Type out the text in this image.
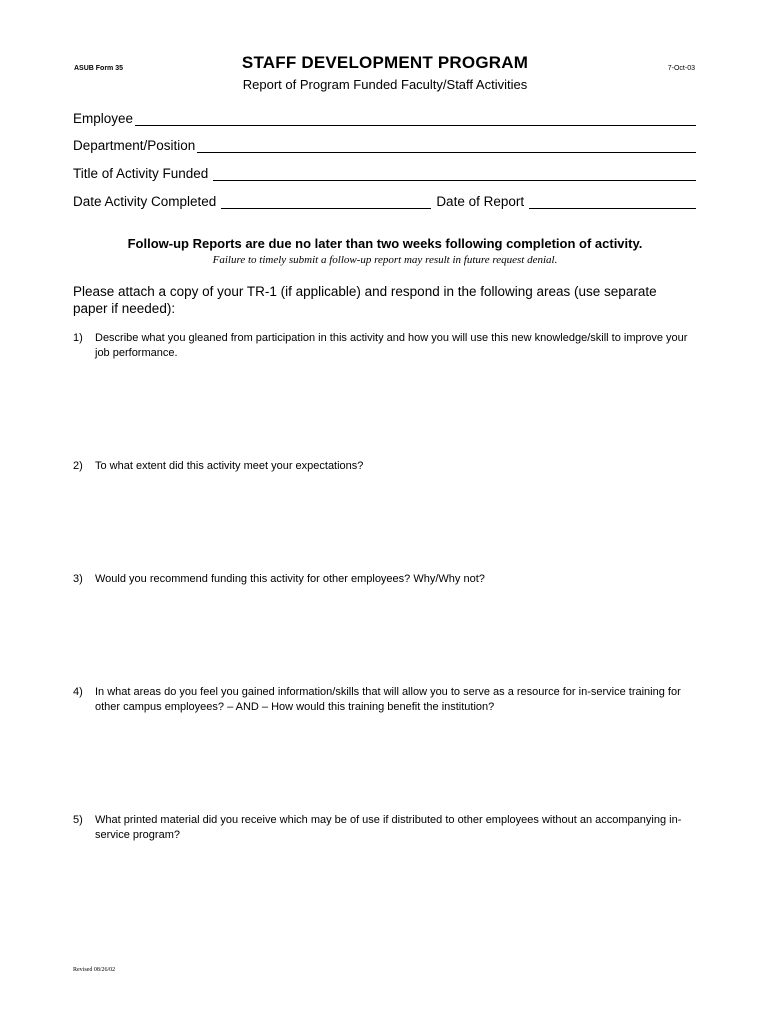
ASUB Form 35	STAFF DEVELOPMENT PROGRAM	7-Oct-03
Report of Program Funded Faculty/Staff Activities
Employee
Department/Position
Title of Activity Funded
Date Activity Completed	Date of Report
Follow-up Reports are due no later than two weeks following completion of activity.
Failure to timely submit a follow-up report may result in future request denial.
Please attach a copy of your TR-1 (if applicable) and respond in the following areas (use separate paper if needed):
1) Describe what you gleaned from participation in this activity and how you will use this new knowledge/skill to improve your job performance.
2) To what extent did this activity meet your expectations?
3) Would you recommend funding this activity for other employees? Why/Why not?
4) In what areas do you feel you gained information/skills that will allow you to serve as a resource for in-service training for other campus employees? – AND – How would this training benefit the institution?
5) What printed material did you receive which may be of use if distributed to other employees without an accompanying in-service program?
Revised 08/26/02
